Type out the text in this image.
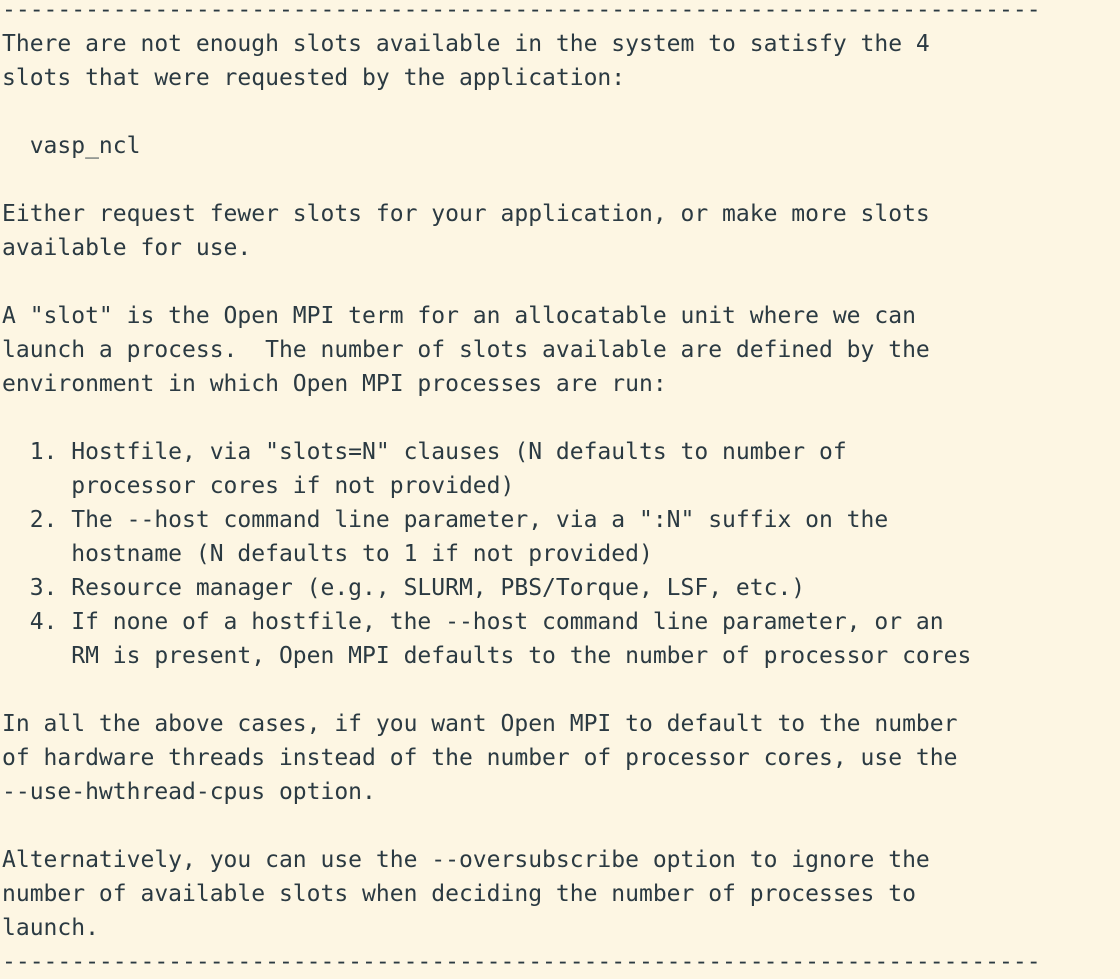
---------------------------------------------------------------------------
There are not enough slots available in the system to satisfy the 4
slots that were requested by the application:
vasp_ncl
Either request fewer slots for your application, or make more slots
available for use.
A "slot" is the Open MPI term for an allocatable unit where we can
launch a process.  The number of slots available are defined by the
environment in which Open MPI processes are run:
1. Hostfile, via "slots=N" clauses (N defaults to number of
processor cores if not provided)
2. The --host command line parameter, via a ":N" suffix on the
hostname (N defaults to 1 if not provided)
3. Resource manager (e.g., SLURM, PBS/Torque, LSF, etc.)
4. If none of a hostfile, the --host command line parameter, or an
RM is present, Open MPI defaults to the number of processor cores
In all the above cases, if you want Open MPI to default to the number
of hardware threads instead of the number of processor cores, use the
--use-hwthread-cpus option.
Alternatively, you can use the --oversubscribe option to ignore the
number of available slots when deciding the number of processes to
launch.
---------------------------------------------------------------------------
